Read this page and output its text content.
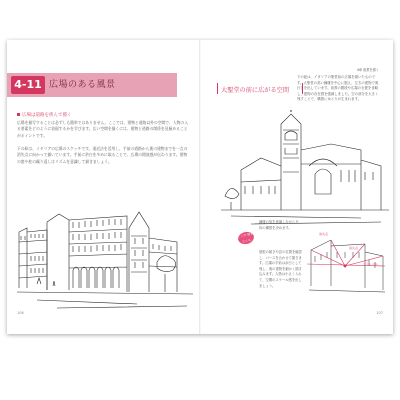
4-11 広場のある風景
広場は道路を挟んで描く
広場を描写することは必ずしも簡単ではありません。ここでは、建物と道路以外の空間で、人物の入る要素をどのように表現するかを学びます。広い空間を描くには、建物と道路の関係を見極めることがポイントです。
下の絵は、イタリアの広場のスケッチです。遠近法を活用し、手前の道路から奥の建物までを一点の消失点に向かって描いています。手前に余白を多めに取ることで、広場の開放感が伝わります。建物の窓や柱の繰り返しはリズムを意識して描きましょう。
106
4章 風景を描く
大聖堂の前に広がる空間
下の絵は、イタリアの聖堂前の広場を描いたものです。大聖堂の高い鐘楼を中心に据え、左右の建物で奥行きを出しています。前景の階段や広場の石畳を省略し、建物の存在感を強調しました。空の部分を大きく残すことで、構図にゆとりが生まれます。
鐘楼の形を意識しながら全体の構図を決めます。
ここが 描きどころ
消失点
消失点
アイレベル
屋根の傾きや窓の位置を確認し、パースを合わせて描きます。広場の手前は余白として残し、奥の建物を細かく描き込みます。人物は小さく入れて、空間のスケール感を出しましょう。
107
